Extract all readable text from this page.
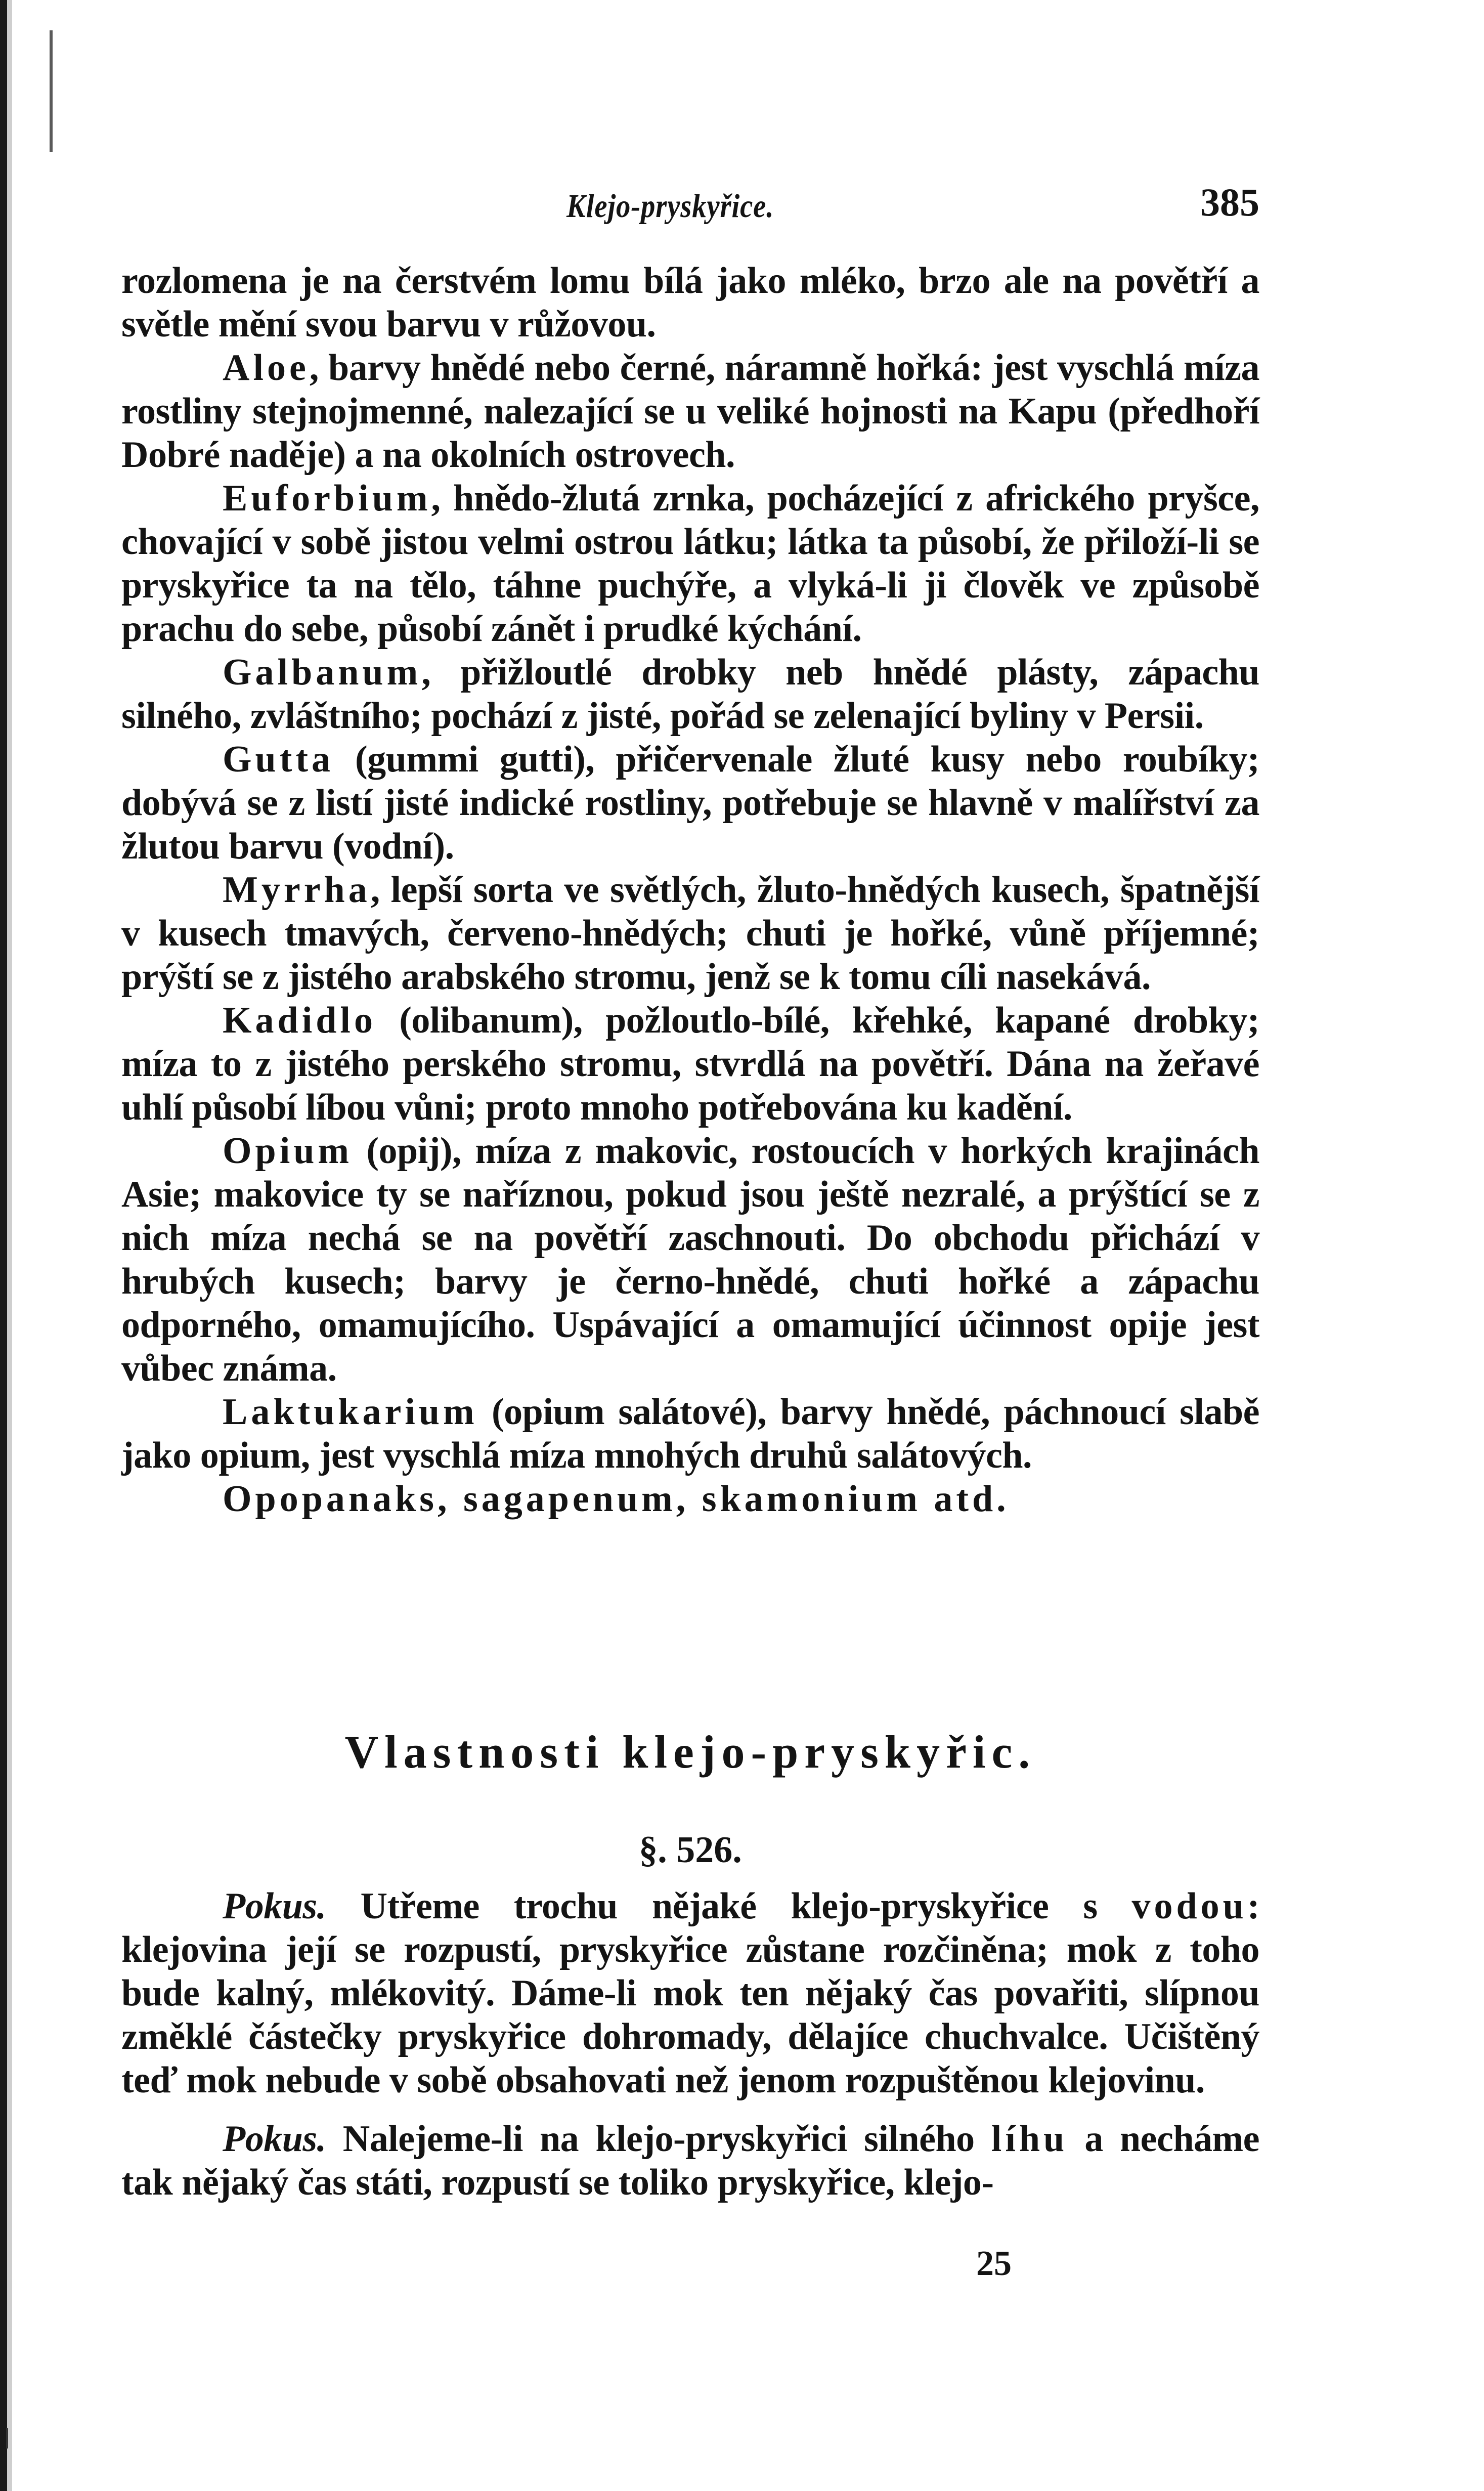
Klejo-pryskyřice.	385

rozlomena je na čerstvém lomu bílá jako mléko, brzo ale na povětří a světle mění svou barvu v růžovou.

Aloe, barvy hnědé nebo černé, náramně hořká: jest vyschlá míza rostliny stejnojmenné, nalezající se u veliké hojnosti na Kapu (předhoří Dobré naděje) a na okolních ostrovech.

Euforbium, hnědo-žlutá zrnka, pocházející z afrického pryšce, chovající v sobě jistou velmi ostrou látku; látka ta působí, že přiloží-li se pryskyřice ta na tělo, táhne puchýře, a vlyká-li ji člověk ve způsobě prachu do sebe, působí zánět i prudké kýchání.

Galbanum, přižloutlé drobky neb hnědé plásty, zápachu silného, zvláštního; pochází z jisté, pořád se zelenající byliny v Persii.

Gutta (gummi gutti), přičervenale žluté kusy nebo roubíky; dobývá se z listí jisté indické rostliny, potřebuje se hlavně v malířství za žlutou barvu (vodní).

Myrrha, lepší sorta ve světlých, žluto-hnědých kusech, špatnější v kusech tmavých, červeno-hnědých; chuti je hořké, vůně příjemné; prýští se z jistého arabského stromu, jenž se k tomu cíli nasekává.

Kadidlo (olibanum), požloutlo-bílé, křehké, kapané drobky; míza to z jistého perského stromu, stvrdlá na povětří. Dána na žeřavé uhlí působí líbou vůni; proto mnoho potřebována ku kadění.

Opium (opij), míza z makovic, rostoucích v horkých krajinách Asie; makovice ty se naříznou, pokud jsou ještě nezralé, a prýštící se z nich míza nechá se na povětří zaschnouti. Do obchodu přichází v hrubých kusech; barvy je černo-hnědé, chuti hořké a zápachu odporného, omamujícího. Uspávající a omamující účinnost opije jest vůbec známa.

Laktukarium (opium salátové), barvy hnědé, páchnoucí slabě jako opium, jest vyschlá míza mnohých druhů salátových.

Opopanaks, sagapenum, skamonium atd.

Vlastnosti klejo-pryskyřic.
§. 526.

Pokus. Utřeme trochu nějaké klejo-pryskyřice s vodou: klejovina její se rozpustí, pryskyřice zůstane rozčiněna; mok z toho bude kalný, mlékovitý. Dáme-li mok ten nějaký čas povařiti, slípnou změklé částečky pryskyřice dohromady, dělajíce chuchvalce. Učištěný teď mok nebude v sobě obsahovati než jenom rozpuštěnou klejovinu.

Pokus. Nalejeme-li na klejo-pryskyřici silného líhu a necháme tak nějaký čas státi, rozpustí se toliko pryskyřice, klejo-

25
